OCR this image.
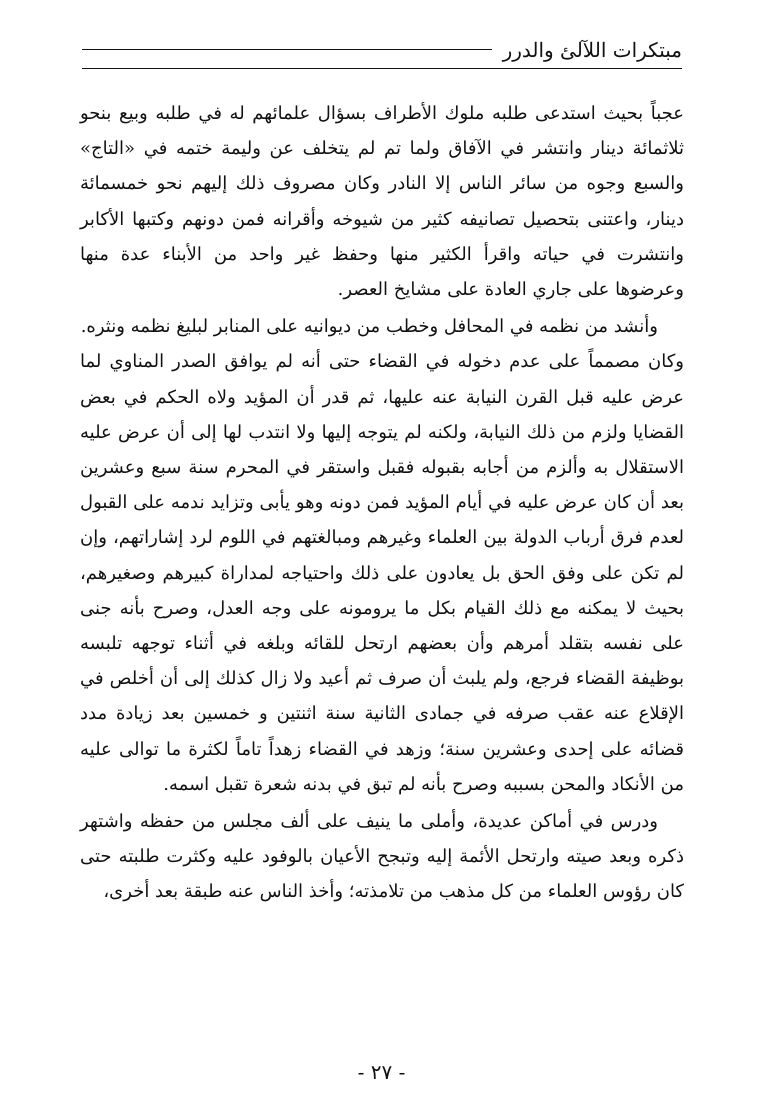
مبتكرات اللآلئ والدرر

عجباً بحيث استدعى طلبه ملوك الأطراف بسؤال علمائهم له في طلبه وبيع بنحو ثلاثمائة دينار وانتشر في الآفاق ولما تم لم يتخلف عن وليمة ختمه في «التاج» والسبع وجوه من سائر الناس إلا النادر وكان مصروف ذلك إليهم نحو خمسمائة دينار، واعتنى بتحصيل تصانيفه كثير من شيوخه وأقرانه فمن دونهم وكتبها الأكابر وانتشرت في حياته واقرأ الكثير منها وحفظ غير واحد من الأبناء عدة منها وعرضوها على جاري العادة على مشايخ العصر.

وأنشد من نظمه في المحافل وخطب من ديوانيه على المنابر لبليغ نظمه ونثره.

وكان مصمماً على عدم دخوله في القضاء حتى أنه لم يوافق الصدر المناوي لما عرض عليه قبل القرن النيابة عنه عليها، ثم قدر أن المؤيد ولاه الحكم في بعض القضايا ولزم من ذلك النيابة، ولكنه لم يتوجه إليها ولا انتدب لها إلى أن عرض عليه الاستقلال به وألزم من أجابه بقبوله فقبل واستقر في المحرم سنة سبع وعشرين بعد أن كان عرض عليه في أيام المؤيد فمن دونه وهو يأبى وتزايد ندمه على القبول لعدم فرق أرباب الدولة بين العلماء وغيرهم ومبالغتهم في اللوم لرد إشاراتهم، وإن لم تكن على وفق الحق بل يعادون على ذلك واحتياجه لمداراة كبيرهم وصغيرهم، بحيث لا يمكنه مع ذلك القيام بكل ما يرومونه على وجه العدل، وصرح بأنه جنى على نفسه بتقلد أمرهم وأن بعضهم ارتحل للقائه وبلغه في أثناء توجهه تلبسه بوظيفة القضاء فرجع، ولم يلبث أن صرف ثم أعيد ولا زال كذلك إلى أن أخلص في الإقلاع عنه عقب صرفه في جمادى الثانية سنة اثنتين و خمسين بعد زيادة مدد قضائه على إحدى وعشرين سنة؛ وزهد في القضاء زهداً تاماً لكثرة ما توالى عليه من الأنكاد والمحن بسببه وصرح بأنه لم تبق في بدنه شعرة تقبل اسمه.

ودرس في أماكن عديدة، وأملى ما ينيف على ألف مجلس من حفظه واشتهر ذكره وبعد صيته وارتحل الأئمة إليه وتبجح الأعيان بالوفود عليه وكثرت طلبته حتى كان رؤوس العلماء من كل مذهب من تلامذته؛ وأخذ الناس عنه طبقة بعد أخرى،

- ٢٧ -
